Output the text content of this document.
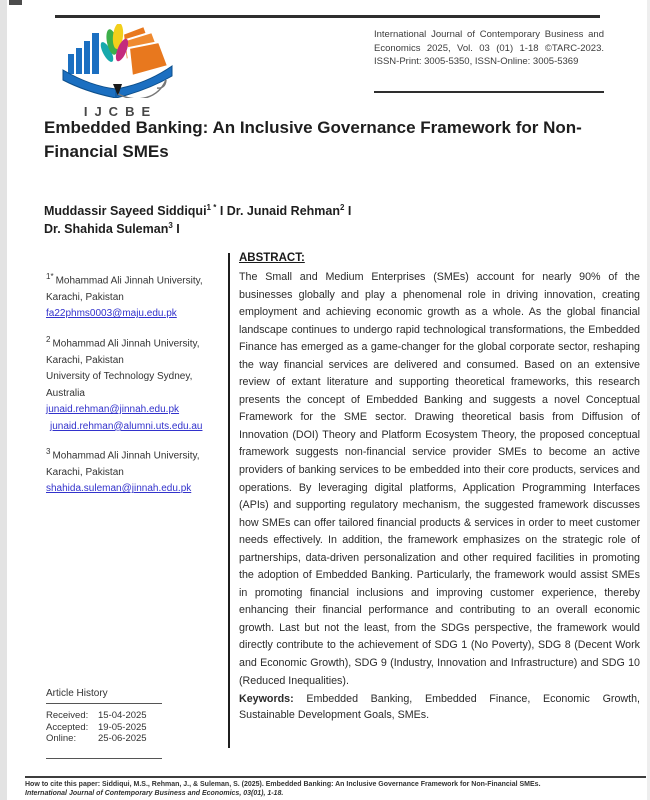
IJCBE
International Journal of Contemporary Business and Economics 2025, Vol. 03 (01) 1-18 ©TARC-2023. ISSN-Print: 3005-5350, ISSN-Online: 3005-5369
Embedded Banking: An Inclusive Governance Framework for Non-Financial SMEs
Muddassir Sayeed Siddiqui$^{1 *}$ I Dr. Junaid Rehman$^2$ I
Dr. Shahida Suleman$^3$ I
$^{1*}$ Mohammad Ali Jinnah University,
Karachi, Pakistan
fa22phms0003@maju.edu.pk
$^2$ Mohammad Ali Jinnah University,
Karachi, Pakistan
University of Technology Sydney,
Australia
junaid.rehman@jinnah.edu.pk
junaid.rehman@alumni.uts.edu.au
$^3$ Mohammad Ali Jinnah University,
Karachi, Pakistan
shahida.suleman@jinnah.edu.pk
Article History
Received:	15-04-2025
Accepted:	19-05-2025
Online:	25-06-2025
ABSTRACT:
The Small and Medium Enterprises (SMEs) account for nearly 90% of the businesses globally and play a phenomenal role in driving innovation, creating employment and achieving economic growth as a whole. As the global financial landscape continues to undergo rapid technological transformations, the Embedded Finance has emerged as a game-changer for the global corporate sector, reshaping the way financial services are delivered and consumed. Based on an extensive review of extant literature and supporting theoretical frameworks, this research presents the concept of Embedded Banking and suggests a novel Conceptual Framework for the SME sector. Drawing theoretical basis from Diffusion of Innovation (DOI) Theory and Platform Ecosystem Theory, the proposed conceptual framework suggests non-financial service provider SMEs to become an active providers of banking services to be embedded into their core products, services and operations. By leveraging digital platforms, Application Programming Interfaces (APIs) and supporting regulatory mechanism, the suggested framework discusses how SMEs can offer tailored financial products & services in order to meet customer needs effectively. In addition, the framework emphasizes on the strategic role of partnerships, data-driven personalization and other required facilities in promoting the adoption of Embedded Banking. Particularly, the framework would assist SMEs in promoting financial inclusions and improving customer experience, thereby enhancing their financial performance and contributing to an overall economic growth. Last but not the least, from the SDGs perspective, the framework would directly contribute to the achievement of SDG 1 (No Poverty), SDG 8 (Decent Work and Economic Growth), SDG 9 (Industry, Innovation and Infrastructure) and SDG 10 (Reduced Inequalities).
Keywords: Embedded Banking, Embedded Finance, Economic Growth, Sustainable Development Goals, SMEs.
How to cite this paper: Siddiqui, M.S., Rehman, J., & Suleman, S. (2025). Embedded Banking: An Inclusive Governance Framework for Non-Financial SMEs.
International Journal of Contemporary Business and Economics, 03(01), 1-18.
